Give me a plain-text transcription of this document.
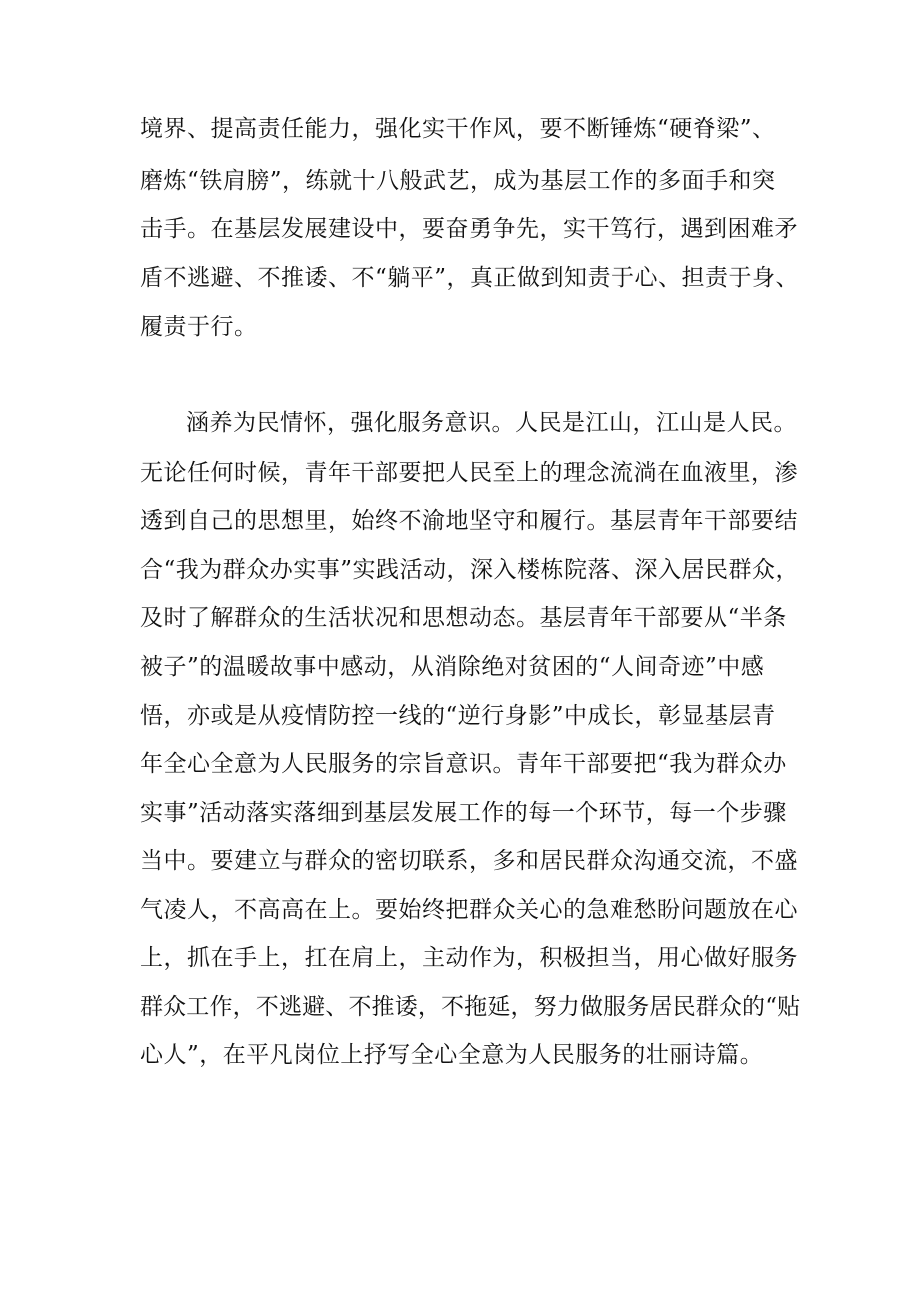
境界、提高责任能力，强化实干作风，要不断锤炼“硬脊梁”、
磨炼“铁肩膀”，练就十八般武艺，成为基层工作的多面手和突
击手。在基层发展建设中，要奋勇争先，实干笃行，遇到困难矛
盾不逃避、不推诿、不“躺平”，真正做到知责于心、担责于身、
履责于行。
涵养为民情怀，强化服务意识。人民是江山，江山是人民。
无论任何时候，青年干部要把人民至上的理念流淌在血液里，渗
透到自己的思想里，始终不渝地坚守和履行。基层青年干部要结
合“我为群众办实事”实践活动，深入楼栋院落、深入居民群众，
及时了解群众的生活状况和思想动态。基层青年干部要从“半条
被子”的温暖故事中感动，从消除绝对贫困的“人间奇迹”中感
悟，亦或是从疫情防控一线的“逆行身影”中成长，彰显基层青
年全心全意为人民服务的宗旨意识。青年干部要把“我为群众办
实事”活动落实落细到基层发展工作的每一个环节，每一个步骤
当中。要建立与群众的密切联系，多和居民群众沟通交流，不盛
气凌人，不高高在上。要始终把群众关心的急难愁盼问题放在心
上，抓在手上，扛在肩上，主动作为，积极担当，用心做好服务
群众工作，不逃避、不推诿，不拖延，努力做服务居民群众的“贴
心人”，在平凡岗位上抒写全心全意为人民服务的壮丽诗篇。
